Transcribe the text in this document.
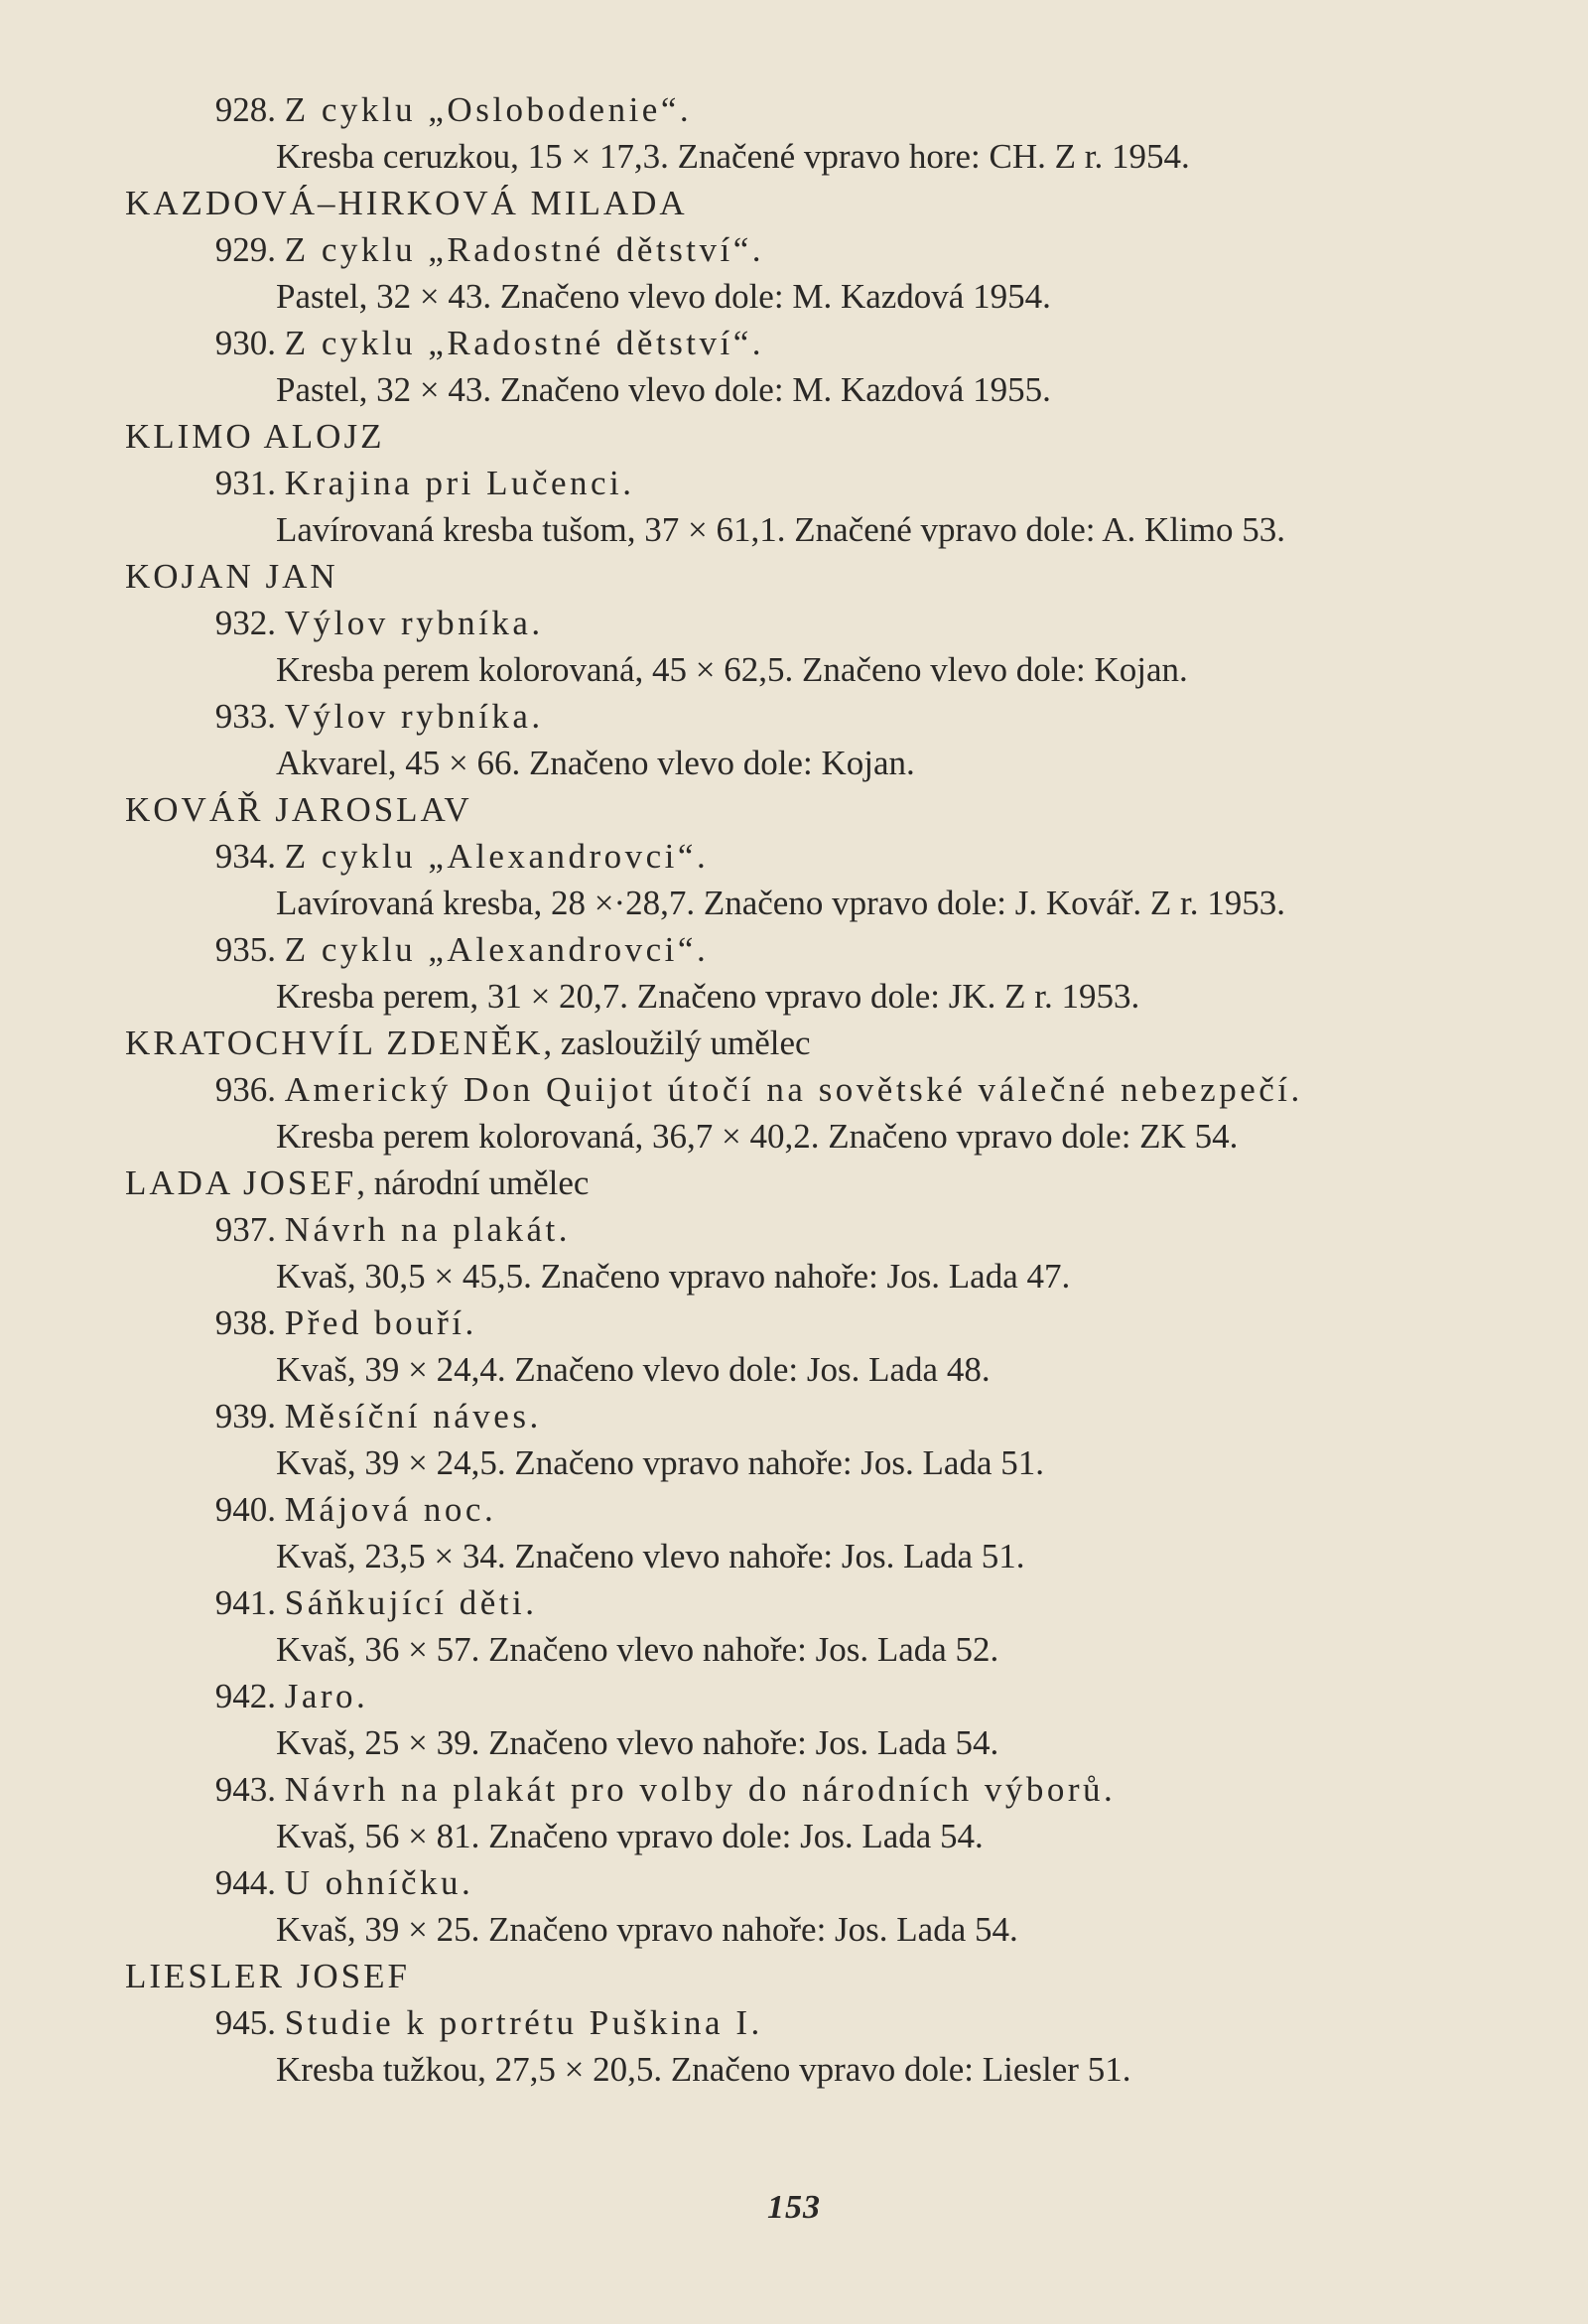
928. Z cyklu „Oslobodenie“.
Kresba ceruzkou, 15 × 17,3. Značené vpravo hore: CH. Z r. 1954.
KAZDOVÁ–HIRKOVÁ MILADA
929. Z cyklu „Radostné dětství“.
Pastel, 32 × 43. Značeno vlevo dole: M. Kazdová 1954.
930. Z cyklu „Radostné dětství“.
Pastel, 32 × 43. Značeno vlevo dole: M. Kazdová 1955.
KLIMO ALOJZ
931. Krajina pri Lučenci.
Lavírovaná kresba tušom, 37 × 61,1. Značené vpravo dole: A. Klimo 53.
KOJAN JAN
932. Výlov rybníka.
Kresba perem kolorovaná, 45 × 62,5. Značeno vlevo dole: Kojan.
933. Výlov rybníka.
Akvarel, 45 × 66. Značeno vlevo dole: Kojan.
KOVÁŘ JAROSLAV
934. Z cyklu „Alexandrovci“.
Lavírovaná kresba, 28 ×·28,7. Značeno vpravo dole: J. Kovář. Z r. 1953.
935. Z cyklu „Alexandrovci“.
Kresba perem, 31 × 20,7. Značeno vpravo dole: JK. Z r. 1953.
KRATOCHVÍL ZDENĚK, zasloužilý umělec
936. Americký Don Quijot útočí na sovětské válečné nebezpečí.
Kresba perem kolorovaná, 36,7 × 40,2. Značeno vpravo dole: ZK 54.
LADA JOSEF, národní umělec
937. Návrh na plakát.
Kvaš, 30,5 × 45,5. Značeno vpravo nahoře: Jos. Lada 47.
938. Před bouří.
Kvaš, 39 × 24,4. Značeno vlevo dole: Jos. Lada 48.
939. Měsíční náves.
Kvaš, 39 × 24,5. Značeno vpravo nahoře: Jos. Lada 51.
940. Májová noc.
Kvaš, 23,5 × 34. Značeno vlevo nahoře: Jos. Lada 51.
941. Sáňkující děti.
Kvaš, 36 × 57. Značeno vlevo nahoře: Jos. Lada 52.
942. Jaro.
Kvaš, 25 × 39. Značeno vlevo nahoře: Jos. Lada 54.
943. Návrh na plakát pro volby do národních výborů.
Kvaš, 56 × 81. Značeno vpravo dole: Jos. Lada 54.
944. U ohníčku.
Kvaš, 39 × 25. Značeno vpravo nahoře: Jos. Lada 54.
LIESLER JOSEF
945. Studie k portrétu Puškina I.
Kresba tužkou, 27,5 × 20,5. Značeno vpravo dole: Liesler 51.
153
